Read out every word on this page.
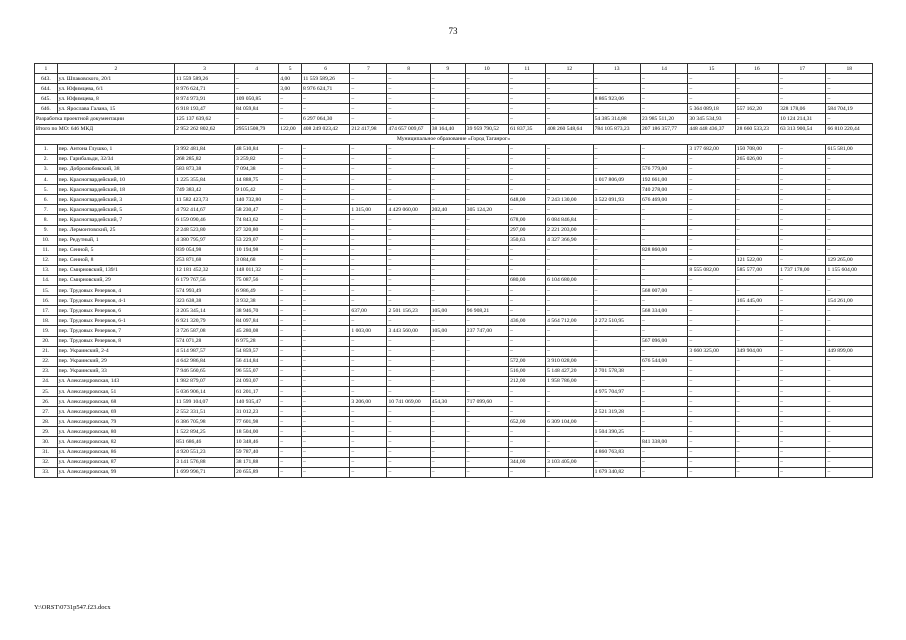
73
1	2	3	4	5	6	7	8	9	10	11	12	13	14	15	16	17	18
643.	ул. Шпаковского, 20/1	11 559 589,26	–	4,00	11 559 589,26	–	–	–	–	–	–	–	–	–	–	–	–
644.	ул. Юфимцева, 6/1	8 976 624,71	–	3,00	8 976 624,71	–	–	–	–	–	–	–	–	–	–	–	–
645.	ул. Юфимцева, 8	8 974 973,91	109 050,85	–	–	–	–	–	–	–	–	8 865 923,06	–	–	–	–	–
646.	ул. Ярослава Галана, 15	6 918 193,47	84 059,84	–	–	–	–	–	–	–	–	–	–	5 364 089,18	557 162,20	328 178,06	584 704,19
Разработка проектной документации		125 137 639,62	–	–	6 297 064,30	–	–	–	–	–	–	54 385 314,88	23 985 511,20	30 345 534,93	–	10 124 214,31	–
Итого по МО: 646 МКД		2 952 262 802,62	29551508,79	122,00	408 249 023,42	212 417,98	474 657 009,67	38 164,40	39 959 790,52	61 837,35	408 260 548,64	784 105 873,23	207 186 357,77	448 448 436,37	28 660 533,23	63 313 900,54	66 810 220,44
Муниципальное образование «Город Таганрог»																	
1.	пер. Антона Глушко, 1	3 992 481,84	48 510,84	–	–	–	–	–	–	–	–	–	–	3 177 682,00	150 708,00	–	615 581,00
2.	пер. Гарибальди, 32/34	268 285,82	3 259,82	–	–	–	–	–	–	–	–	–	–	–	265 026,00	–	–
3.	пер. Добролюбовский, 38	583 873,38	7 094,38	–	–	–	–	–	–	–	–	–	576 779,00	–	–	–	–
4.	пер. Красногвардейский, 10	1 225 355,84	14 888,75	–	–	–	–	–	–	–	–	1 017 806,09	192 661,00	–	–	–	–
5.	пер. Красногвардейский, 18	749 383,42	9 105,42	–	–	–	–	–	–	–	–	–	740 278,00	–	–	–	–
6.	пер. Красногвардейский, 3	11 582 423,73	140 732,80	–	–	–	–	–	–	648,00	7 243 130,00	3 522 091,93	676 469,00	–	–	–	–
7.	пер. Красногвардейский, 5	4 792 414,67	58 230,47	–	–	1 315,00	4 429 060,00	202,40	305 124,20	–	–	–	–	–	–	–	–
8.	пер. Красногвардейский, 7	6 159 090,46	74 843,62	–	–	–	–	–	–	678,00	6 084 846,84	–	–	–	–	–	–
9.	пер. Лермонтовский, 25	2 248 523,80	27 320,80	–	–	–	–	–	–	297,00	2 221 203,00	–	–	–	–	–	–
10.	пер. Редутный, 1	4 380 795,97	53 229,07	–	–	–	–	–	–	350,63	4 327 366,90	–	–	–	–	–	–
11.	пер. Сенной, 5	839 054,98	10 194,98	–	–	–	–	–	–	–	–	–	828 860,00	–	–	–	–
12.	пер. Сенной, 8	253 871,68	3 084,68	–	–	–	–	–	–	–	–	–	–	–	121 522,00	–	129 265,00
13.	пер. Смирновский, 139/1	12 181 452,32	148 011,32	–	–	–	–	–	–	–	–	–	–	8 555 082,00	585 577,00	1 737 178,00	1 155 604,00
14.	пер. Смирновский, 29	6 179 767,56	75 087,56	–	–	–	–	–	–	680,00	6 104 680,00	–	–	–	–	–	–
15.	пер. Трудовых Резервов, 4	574 993,49	6 986,49	–	–	–	–	–	–	–	–	–	568 007,00	–	–	–	–
16.	пер. Трудовых Резервов, 4-1	323 638,38	3 932,38	–	–	–	–	–	–	–	–	–	–	–	165 445,00	–	154 261,00
17.	пер. Трудовых Резервов, 6	3 205 345,14	38 946,70	–	–	637,00	2 501 156,23	105,00	96 908,21	–	–	–	568 334,00	–	–	–	–
18.	пер. Трудовых Резервов, 6-1	6 921 320,79	84 097,84	–	–	–	–	–	–	436,00	4 564 712,00	2 272 510,95	–	–	–	–	–
19.	пер. Трудовых Резервов, 7	3 726 587,08	45 280,08	–	–	1 003,00	3 443 560,00	105,00	237 747,00	–	–	–	–	–	–	–	–
20.	пер. Трудовых Резервов, 8	574 071,28	6 975,28	–	–	–	–	–	–	–	–	–	567 096,00	–	–	–	–
21.	пер. Украинский, 2-4	4 514 987,57	54 859,57	–	–	–	–	–	–	–	–	–	–	3 660 325,00	349 904,00	–	449 899,00
22.	пер. Украинский, 29	4 642 986,84	56 414,84	–	–	–	–	–	–	572,00	3 910 028,00	–	676 544,00	–	–	–	–
23.	пер. Украинский, 33	7 946 560,65	96 555,07	–	–	–	–	–	–	516,00	5 148 427,20	2 701 578,38	–	–	–	–	–
24.	ул. Александровская, 143	1 982 879,07	24 093,07	–	–	–	–	–	–	212,00	1 958 786,00	–	–	–	–	–	–
25.	ул. Александровская, 51	5 036 906,14	61 201,17	–	–	–	–	–	–	–	–	4 975 704,97	–	–	–	–	–
26.	ул. Александровская, 68	11 599 104,07	140 935,47	–	–	3 206,00	10 741 069,00	454,30	717 099,60	–	–	–	–	–	–	–	–
27.	ул. Александровская, 69	2 552 331,51	31 012,23	–	–	–	–	–	–	–	–	2 521 319,28	–	–	–	–	–
28.	ул. Александровская, 79	6 386 705,98	77 601,98	–	–	–	–	–	–	652,00	6 309 104,00	–	–	–	–	–	–
29.	ул. Александровская, 80	1 522 894,25	18 504,00	–	–	–	–	–	–	–	–	1 504 390,25	–	–	–	–	–
30.	ул. Александровская, 82	851 686,46	10 348,46	–	–	–	–	–	–	–	–	–	841 338,00	–	–	–	–
31.	ул. Александровская, 86	4 920 551,23	59 787,40	–	–	–	–	–	–	–	–	4 860 763,83	–	–	–	–	–
32.	ул. Александровская, 87	3 141 576,88	38 171,88	–	–	–	–	–	–	344,00	3 103 405,00	–	–	–	–	–	–
33.	ул. Александровская, 99	1 699 996,71	20 655,89	–	–	–	–	–	–	–	–	1 679 340,82	–	–	–	–	–
Y:\ORST\0731p547.f23.docx
